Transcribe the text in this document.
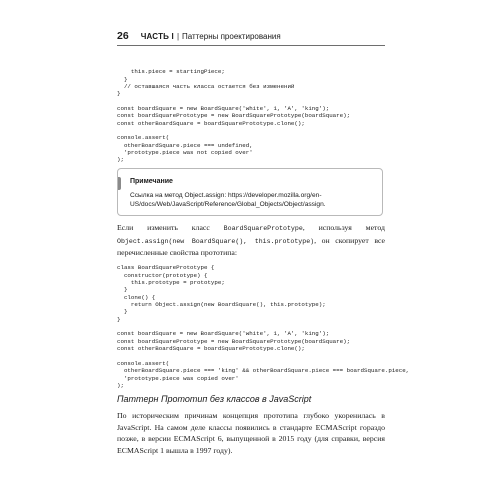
26 ЧАСТЬ I | Паттерны проектирования

this.piece = startingPiece;
}
// оставшаяся часть класса остается без изменений
}
const boardSquare = new BoardSquare('white', 1, 'A', 'king');
const boardSquarePrototype = new BoardSquarePrototype(boardSquare);
const otherBoardSquare = boardSquarePrototype.clone();
console.assert(
otherBoardSquare.piece === undefined,
'prototype.piece was not copied over'
);

Примечание
Ссылка на метод Object.assign: https://developer.mozilla.org/en-US/docs/Web/JavaScript/Reference/Global_Objects/Object/assign.

Если изменить класс BoardSquarePrototype, используя метод Object.assign(new BoardSquare(), this.prototype), он скопирует все перечисленные свойства прототипа:

class BoardSquarePrototype {
constructor(prototype) {
this.prototype = prototype;
}
clone() {
return Object.assign(new BoardSquare(), this.prototype);
}
}
const boardSquare = new BoardSquare('white', 1, 'A', 'king');
const boardSquarePrototype = new BoardSquarePrototype(boardSquare);
const otherBoardSquare = boardSquarePrototype.clone();
console.assert(
otherBoardSquare.piece === 'king' && otherBoardSquare.piece === boardSquare.piece,
'prototype.piece was copied over'
);

Паттерн Прототип без классов в JavaScript

По историческим причинам концепция прототипа глубоко укоренилась в JavaScript. На самом деле классы появились в стандарте ECMAScript гораздо позже, в версии ECMAScript 6, выпущенной в 2015 году (для справки, версия ECMAScript 1 вышла в 1997 году).
